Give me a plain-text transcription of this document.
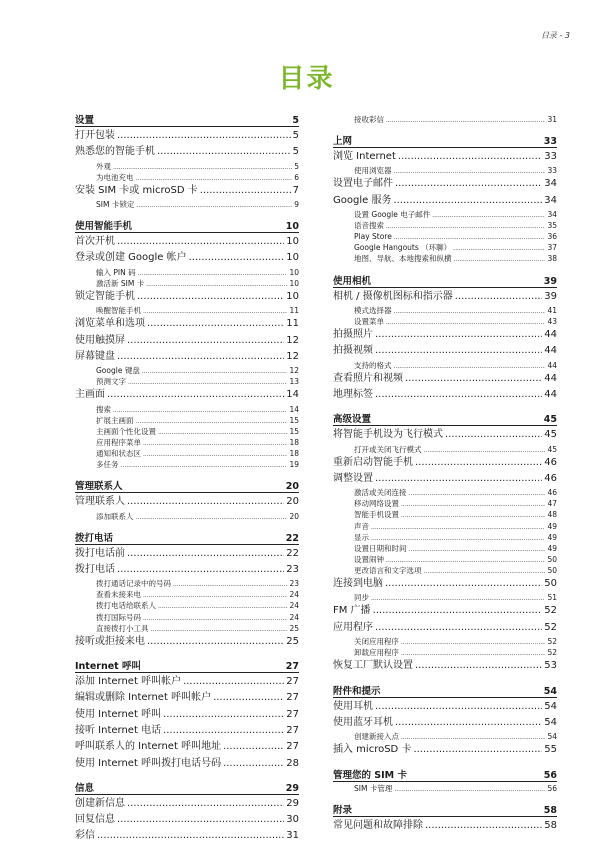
目录 - 3
目录
设置	5
打开包装 .....	5
熟悉您的智能手机 .....	5
外观 .....	5
为电池充电 .....	6
安装 SIM 卡或 microSD 卡 .....	7
SIM 卡锁定 .....	9
使用智能手机	10
首次开机 .....	10
登录或创建 Google 帐户 .....	10
输入 PIN 码 .....	10
激活新 SIM 卡 .....	10
锁定智能手机 .....	10
唤醒智能手机 .....	11
浏览菜单和选项 .....	11
使用触摸屏 .....	12
屏幕键盘 .....	12
Google 键盘 .....	12
预测文字 .....	13
主画面 .....	14
搜索 .....	14
扩展主画面 .....	15
主画面个性化设置 .....	15
应用程序菜单 .....	18
通知和状态区 .....	18
多任务 .....	19
管理联系人	20
管理联系人 .....	20
添加联系人 .....	20
拨打电话	22
拨打电话前 .....	22
拨打电话 .....	23
拨打通话记录中的号码 .....	23
查看未接来电 .....	24
拨打电话给联系人 .....	24
拨打国际号码 .....	24
直接拨打小工具 .....	25
接听或拒接来电 .....	25
Internet 呼叫	27
添加 Internet 呼叫帐户 .....	27
编辑或删除 Internet 呼叫帐户 .....	27
使用 Internet 呼叫 .....	27
接听 Internet 电话 .....	27
呼叫联系人的 Internet 呼叫地址 .....	27
使用 Internet 呼叫拨打电话号码 .....	28
信息	29
创建新信息 .....	29
回复信息 .....	30
彩信 .....	31
接收彩信 .....	31
上网	33
浏览 Internet .....	33
使用浏览器 .....	33
设置电子邮件 .....	34
Google 服务 .....	34
设置 Google 电子邮件 .....	34
语音搜索 .....	35
Play Store .....	36
Google Hangouts （环聊） .....	37
地图、导航、本地搜索和纵横 .....	38
使用相机	39
相机 / 摄像机图标和指示器 .....	39
模式选择器 .....	41
设置菜单 .....	43
拍摄照片 .....	44
拍摄视频 .....	44
支持的格式 .....	44
查看照片和视频 .....	44
地理标签 .....	44
高级设置	45
将智能手机设为飞行模式 .....	45
打开或关闭飞行模式 .....	45
重新启动智能手机 .....	46
调整设置 .....	46
激活或关闭连接 .....	46
移动网络设置 .....	47
智能手机设置 .....	48
声音 .....	49
显示 .....	49
设置日期和时间 .....	49
设置闹钟 .....	50
更改语言和文字选项 .....	50
连接到电脑 .....	50
同步 .....	51
FM 广播 .....	52
应用程序 .....	52
关闭应用程序 .....	52
卸载应用程序 .....	52
恢复工厂默认设置 .....	53
附件和提示	54
使用耳机 .....	54
使用蓝牙耳机 .....	54
创建新接入点 .....	54
插入 microSD 卡 .....	55
管理您的 SIM 卡	56
SIM 卡管理 .....	56
附录	58
常见问题和故障排除 .....	58
